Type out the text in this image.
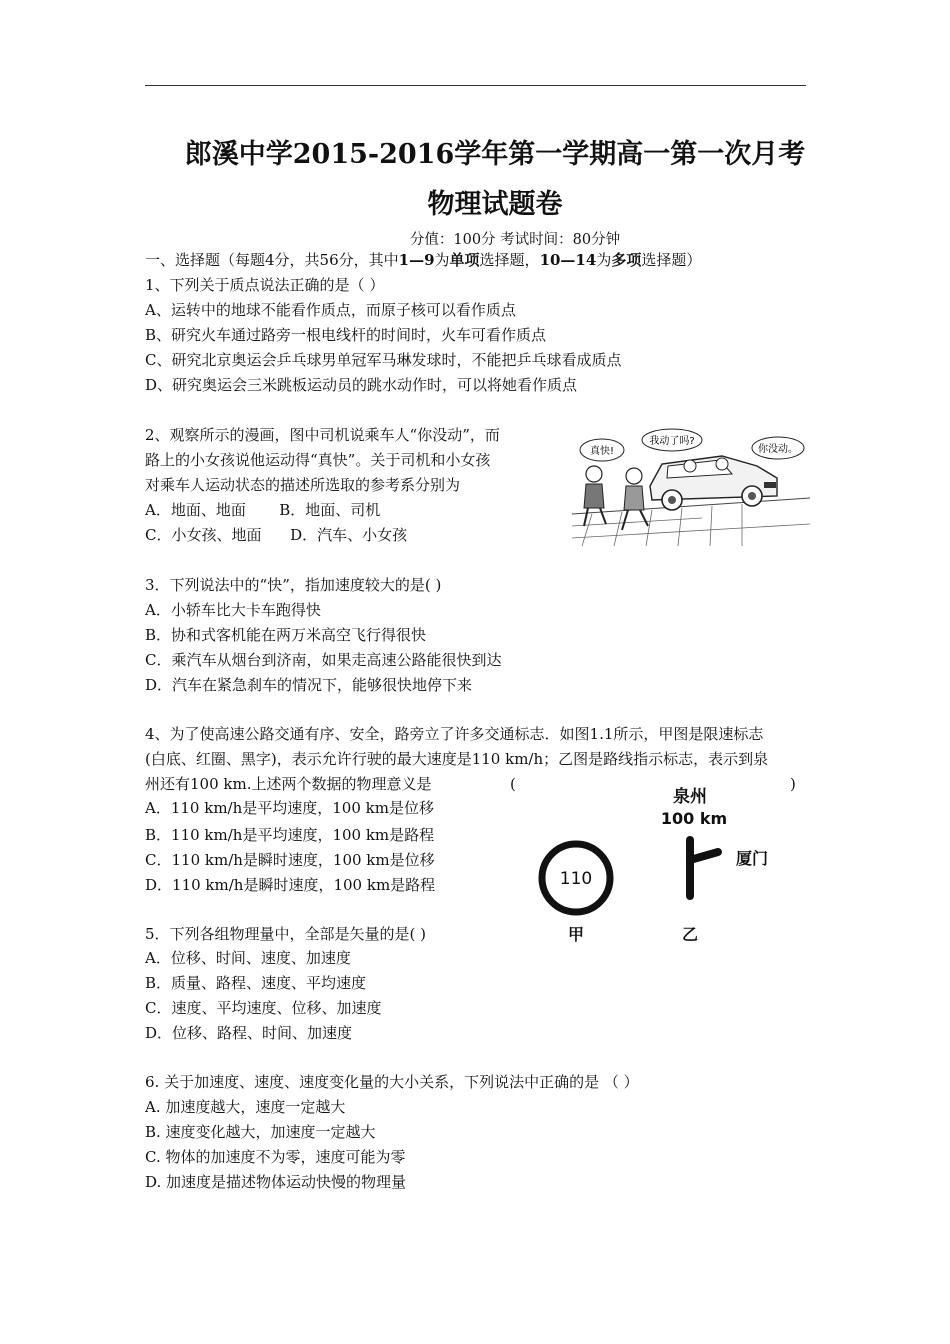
郎溪中学2015-2016学年第一学期高一第一次月考
物理试题卷
分值：100分 考试时间：80分钟
一、选择题（每题4分，共56分，其中1—9为单项选择题，10—14为多项选择题）
1、下列关于质点说法正确的是（ ）
A、运转中的地球不能看作质点，而原子核可以看作质点
B、研究火车通过路旁一根电线杆的时间时，火车可看作质点
C、研究北京奥运会乒乓球男单冠军马琳发球时，不能把乒乓球看成质点
D、研究奥运会三米跳板运动员的跳水动作时，可以将她看作质点
2、观察所示的漫画，图中司机说乘车人“你没动”，而
路上的小女孩说他运动得“真快”。关于司机和小女孩
对乘车人运动状态的描述所选取的参考系分别为
A．地面、地面       B．地面、司机
C．小女孩、地面      D．汽车、小女孩
真快!
我动了吗?
你没动。
3．下列说法中的“快”，指加速度较大的是( )
A．小轿车比大卡车跑得快
B．协和式客机能在两万米高空飞行得很快
C．乘汽车从烟台到济南，如果走高速公路能很快到达
D．汽车在紧急刹车的情况下，能够很快地停下来
4、为了使高速公路交通有序、安全，路旁立了许多交通标志．如图1.1所示，甲图是限速标志
(白底、红圈、黑字)，表示允许行驶的最大速度是110 km/h；乙图是路线指示标志，表示到泉
州还有100 km.上述两个数据的物理意义是	(	)
A．110 km/h是平均速度，100 km是位移
B．110 km/h是平均速度，100 km是路程
C．110 km/h是瞬时速度，100 km是位移
D．110 km/h是瞬时速度，100 km是路程	110
甲
泉州
100 km
厦门
乙
5．下列各组物理量中，全部是矢量的是( )
A．位移、时间、速度、加速度
B．质量、路程、速度、平均速度
C．速度、平均速度、位移、加速度
D．位移、路程、时间、加速度
6. 关于加速度、速度、速度变化量的大小关系，下列说法中正确的是 （ ）
A. 加速度越大，速度一定越大
B. 速度变化越大，加速度一定越大
C. 物体的加速度不为零，速度可能为零
D. 加速度是描述物体运动快慢的物理量
